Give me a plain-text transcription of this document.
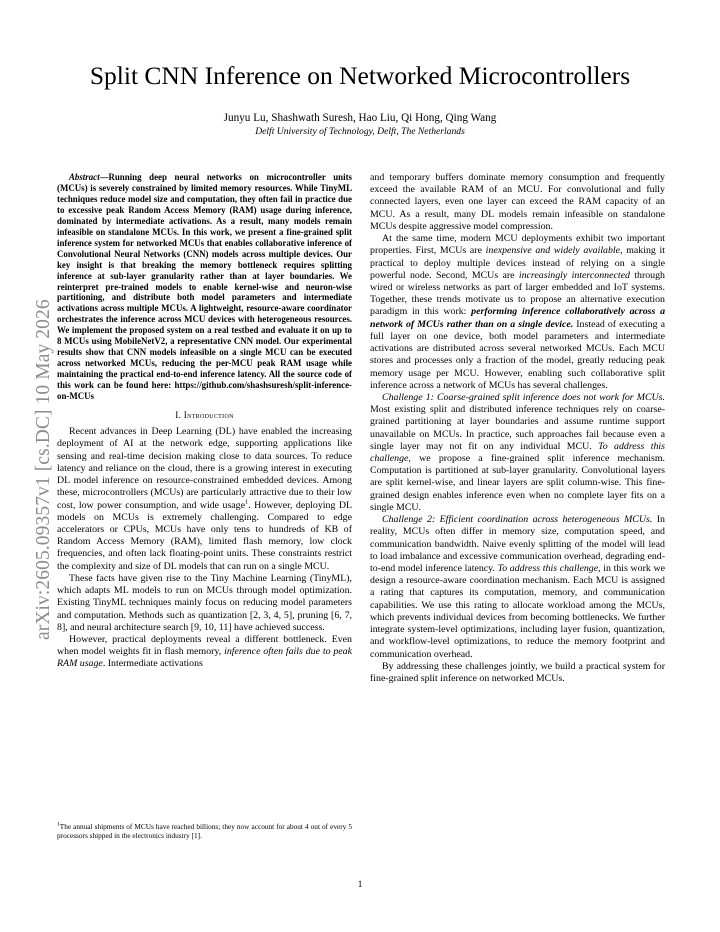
arXiv:2605.09357v1 [cs.DC] 10 May 2026
Split CNN Inference on Networked Microcontrollers
Junyu Lu, Shashwath Suresh, Hao Liu, Qi Hong, Qing Wang
Delft University of Technology, Delft, The Netherlands

Abstract—Running deep neural networks on microcontroller units (MCUs) is severely constrained by limited memory resources. While TinyML techniques reduce model size and computation, they often fail in practice due to excessive peak Random Access Memory (RAM) usage during inference, dominated by intermediate activations. As a result, many models remain infeasible on standalone MCUs. In this work, we present a fine-grained split inference system for networked MCUs that enables collaborative inference of Convolutional Neural Networks (CNN) models across multiple devices. Our key insight is that breaking the memory bottleneck requires splitting inference at sub-layer granularity rather than at layer boundaries. We reinterpret pre-trained models to enable kernel-wise and neuron-wise partitioning, and distribute both model parameters and intermediate activations across multiple MCUs. A lightweight, resource-aware coordinator orchestrates the inference across MCU devices with heterogeneous resources. We implement the proposed system on a real testbed and evaluate it on up to 8 MCUs using MobileNetV2, a representative CNN model. Our experimental results show that CNN models infeasible on a single MCU can be executed across networked MCUs, reducing the per-MCU peak RAM usage while maintaining the practical end-to-end inference latency. All the source code of this work can be found here: https://github.com/shashsuresh/split-inference-on-MCUs

I. Introduction

Recent advances in Deep Learning (DL) have enabled the increasing deployment of AI at the network edge, supporting applications like sensing and real-time decision making close to data sources. To reduce latency and reliance on the cloud, there is a growing interest in executing DL model inference on resource-constrained embedded devices. Among these, microcontrollers (MCUs) are particularly attractive due to their low cost, low power consumption, and wide usage$^1$. However, deploying DL models on MCUs is extremely challenging. Compared to edge accelerators or CPUs, MCUs have only tens to hundreds of KB of Random Access Memory (RAM), limited flash memory, low clock frequencies, and often lack floating-point units. These constraints restrict the complexity and size of DL models that can run on a single MCU.

These facts have given rise to the Tiny Machine Learning (TinyML), which adapts ML models to run on MCUs through model optimization. Existing TinyML techniques mainly focus on reducing model parameters and computation. Methods such as quantization [2, 3, 4, 5], pruning [6, 7, 8], and neural architecture search [9, 10, 11] have achieved success.

However, practical deployments reveal a different bottleneck. Even when model weights fit in flash memory, inference often fails due to peak RAM usage. Intermediate activations

$^1$The annual shipments of MCUs have reached billions; they now account for about 4 out of every 5 processors shipped in the electronics industry [1].

and temporary buffers dominate memory consumption and frequently exceed the available RAM of an MCU. For convolutional and fully connected layers, even one layer can exceed the RAM capacity of an MCU. As a result, many DL models remain infeasible on standalone MCUs despite aggressive model compression.

At the same time, modern MCU deployments exhibit two important properties. First, MCUs are inexpensive and widely available, making it practical to deploy multiple devices instead of relying on a single powerful node. Second, MCUs are increasingly interconnected through wired or wireless networks as part of larger embedded and IoT systems. Together, these trends motivate us to propose an alternative execution paradigm in this work: performing inference collaboratively across a network of MCUs rather than on a single device. Instead of executing a full layer on one device, both model parameters and intermediate activations are distributed across several networked MCUs. Each MCU stores and processes only a fraction of the model, greatly reducing peak memory usage per MCU. However, enabling such collaborative split inference across a network of MCUs has several challenges.

Challenge 1: Coarse-grained split inference does not work for MCUs. Most existing split and distributed inference techniques rely on coarse-grained partitioning at layer boundaries and assume runtime support unavailable on MCUs. In practice, such approaches fail because even a single layer may not fit on any individual MCU. To address this challenge, we propose a fine-grained split inference mechanism. Computation is partitioned at sub-layer granularity. Convolutional layers are split kernel-wise, and linear layers are split column-wise. This fine-grained design enables inference even when no complete layer fits on a single MCU.

Challenge 2: Efficient coordination across heterogeneous MCUs. In reality, MCUs often differ in memory size, computation speed, and communication bandwidth. Naive evenly splitting of the model will lead to load imbalance and excessive communication overhead, degrading end-to-end model inference latency. To address this challenge, in this work we design a resource-aware coordination mechanism. Each MCU is assigned a rating that captures its computation, memory, and communication capabilities. We use this rating to allocate workload among the MCUs, which prevents individual devices from becoming bottlenecks. We further integrate system-level optimizations, including layer fusion, quantization, and workflow-level optimizations, to reduce the memory footprint and communication overhead.

By addressing these challenges jointly, we build a practical system for fine-grained split inference on networked MCUs.

1
